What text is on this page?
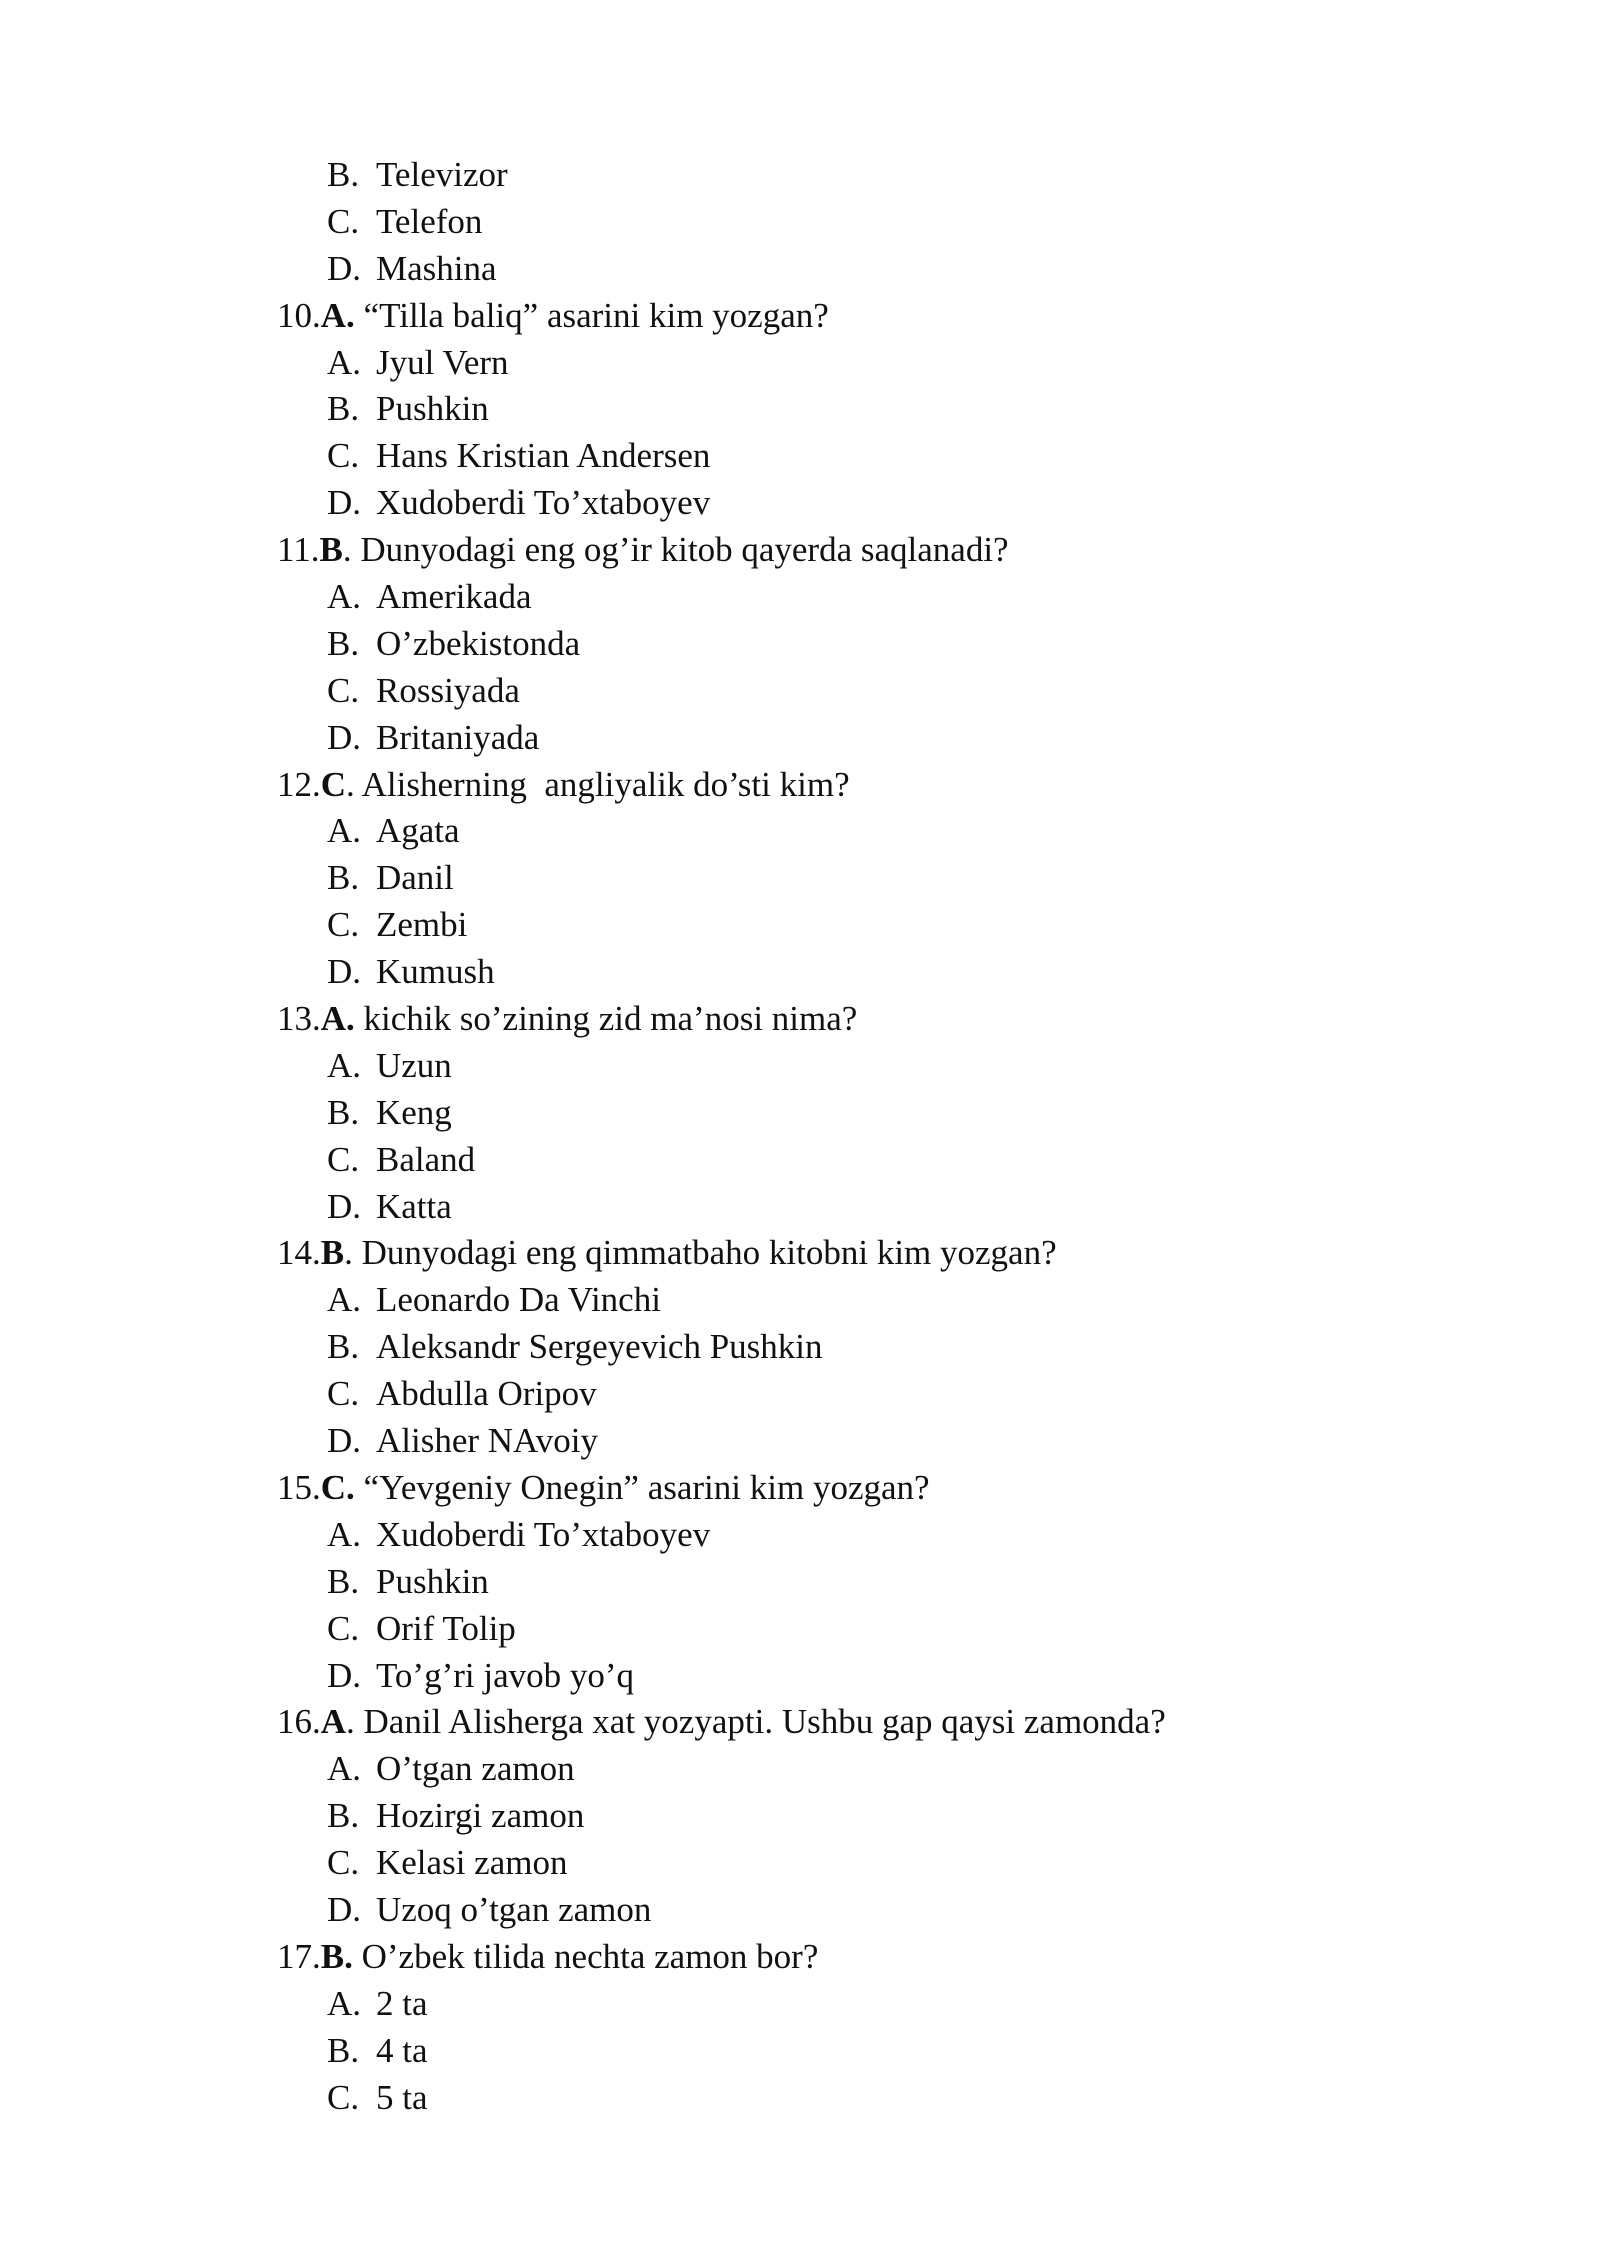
B. Televizor
C. Telefon
D. Mashina
10.A. “Tilla baliq” asarini kim yozgan?
A. Jyul Vern
B. Pushkin
C. Hans Kristian Andersen
D. Xudoberdi To’xtaboyev
11.B. Dunyodagi eng og’ir kitob qayerda saqlanadi?
A. Amerikada
B. O’zbekistonda
C. Rossiyada
D. Britaniyada
12.C. Alisherning  angliyalik do’sti kim?
A. Agata
B. Danil
C. Zembi
D. Kumush
13.A. kichik so’zining zid ma’nosi nima?
A. Uzun
B. Keng
C. Baland
D. Katta
14.B. Dunyodagi eng qimmatbaho kitobni kim yozgan?
A. Leonardo Da Vinchi
B. Aleksandr Sergeyevich Pushkin
C. Abdulla Oripov
D. Alisher NAvoiy
15.C. “Yevgeniy Onegin” asarini kim yozgan?
A. Xudoberdi To’xtaboyev
B. Pushkin
C. Orif Tolip
D. To’g’ri javob yo’q
16.A. Danil Alisherga xat yozyapti. Ushbu gap qaysi zamonda?
A. O’tgan zamon
B. Hozirgi zamon
C. Kelasi zamon
D. Uzoq o’tgan zamon
17.B. O’zbek tilida nechta zamon bor?
A. 2 ta
B. 4 ta
C. 5 ta
